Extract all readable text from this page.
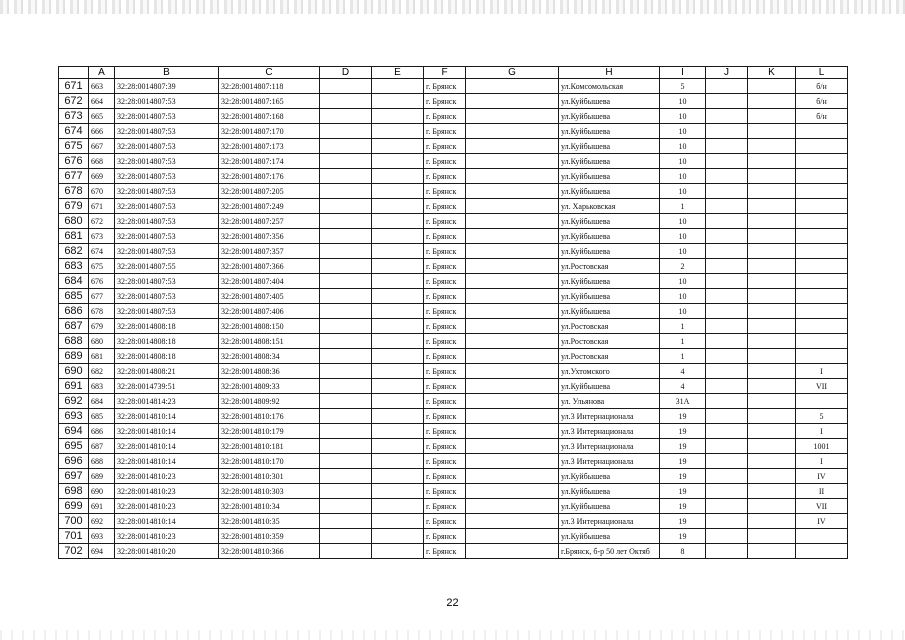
	A	B	C	D	E	F	G	H	I	J	K	L
671	663	32:28:0014807:39	32:28:0014807:118			г. Брянск		ул.Комсомольская	5			б/н
672	664	32:28:0014807:53	32:28:0014807:165			г. Брянск		ул.Куйбышева	10			б/н
673	665	32:28:0014807:53	32:28:0014807:168			г. Брянск		ул.Куйбышева	10			б/н
674	666	32:28:0014807:53	32:28:0014807:170			г. Брянск		ул.Куйбышева	10			
675	667	32:28:0014807:53	32:28:0014807:173			г. Брянск		ул.Куйбышева	10			
676	668	32:28:0014807:53	32:28:0014807:174			г. Брянск		ул.Куйбышева	10			
677	669	32:28:0014807:53	32:28:0014807:176			г. Брянск		ул.Куйбышева	10			
678	670	32:28:0014807:53	32:28:0014807:205			г. Брянск		ул.Куйбышева	10			
679	671	32:28:0014807:53	32:28:0014807:249			г. Брянск		ул. Харьковская	1			
680	672	32:28:0014807:53	32:28:0014807:257			г. Брянск		ул.Куйбышева	10			
681	673	32:28:0014807:53	32:28:0014807:356			г. Брянск		ул.Куйбышева	10			
682	674	32:28:0014807:53	32:28:0014807:357			г. Брянск		ул.Куйбышева	10			
683	675	32:28:0014807:55	32:28:0014807:366			г. Брянск		ул.Ростовская	2			
684	676	32:28:0014807:53	32:28:0014807:404			г. Брянск		ул.Куйбышева	10			
685	677	32:28:0014807:53	32:28:0014807:405			г. Брянск		ул.Куйбышева	10			
686	678	32:28:0014807:53	32:28:0014807:406			г. Брянск		ул.Куйбышева	10			
687	679	32:28:0014808:18	32:28:0014808:150			г. Брянск		ул.Ростовская	1			
688	680	32:28:0014808:18	32:28:0014808:151			г. Брянск		ул.Ростовская	1			
689	681	32:28:0014808:18	32:28:0014808:34			г. Брянск		ул.Ростовская	1			
690	682	32:28:0014808:21	32:28:0014808:36			г. Брянск		ул.Ухтомского	4			I
691	683	32:28:0014739:51	32:28:0014809:33			г. Брянск		ул.Куйбышева	4			VII
692	684	32:28:0014814:23	32:28:0014809:92			г. Брянск		ул. Ульянова	31А			
693	685	32:28:0014810:14	32:28:0014810:176			г. Брянск		ул.3 Интернационала	19			5
694	686	32:28:0014810:14	32:28:0014810:179			г. Брянск		ул.3 Интернационала	19			I
695	687	32:28:0014810:14	32:28:0014810:181			г. Брянск		ул.3 Интернационала	19			1001
696	688	32:28:0014810:14	32:28:0014810:170			г. Брянск		ул.3 Интернационала	19			I
697	689	32:28:0014810:23	32:28:0014810:301			г. Брянск		ул.Куйбышева	19			IV
698	690	32:28:0014810:23	32:28:0014810:303			г. Брянск		ул.Куйбышева	19			II
699	691	32:28:0014810:23	32:28:0014810:34			г. Брянск		ул.Куйбышева	19			VII
700	692	32:28:0014810:14	32:28:0014810:35			г. Брянск		ул.3 Интернационала	19			IV
701	693	32:28:0014810:23	32:28:0014810:359			г. Брянск		ул.Куйбышева	19			
702	694	32:28:0014810:20	32:28:0014810:366			г. Брянск		г.Брянск, б-р 50 лет Октяб	8			
22
